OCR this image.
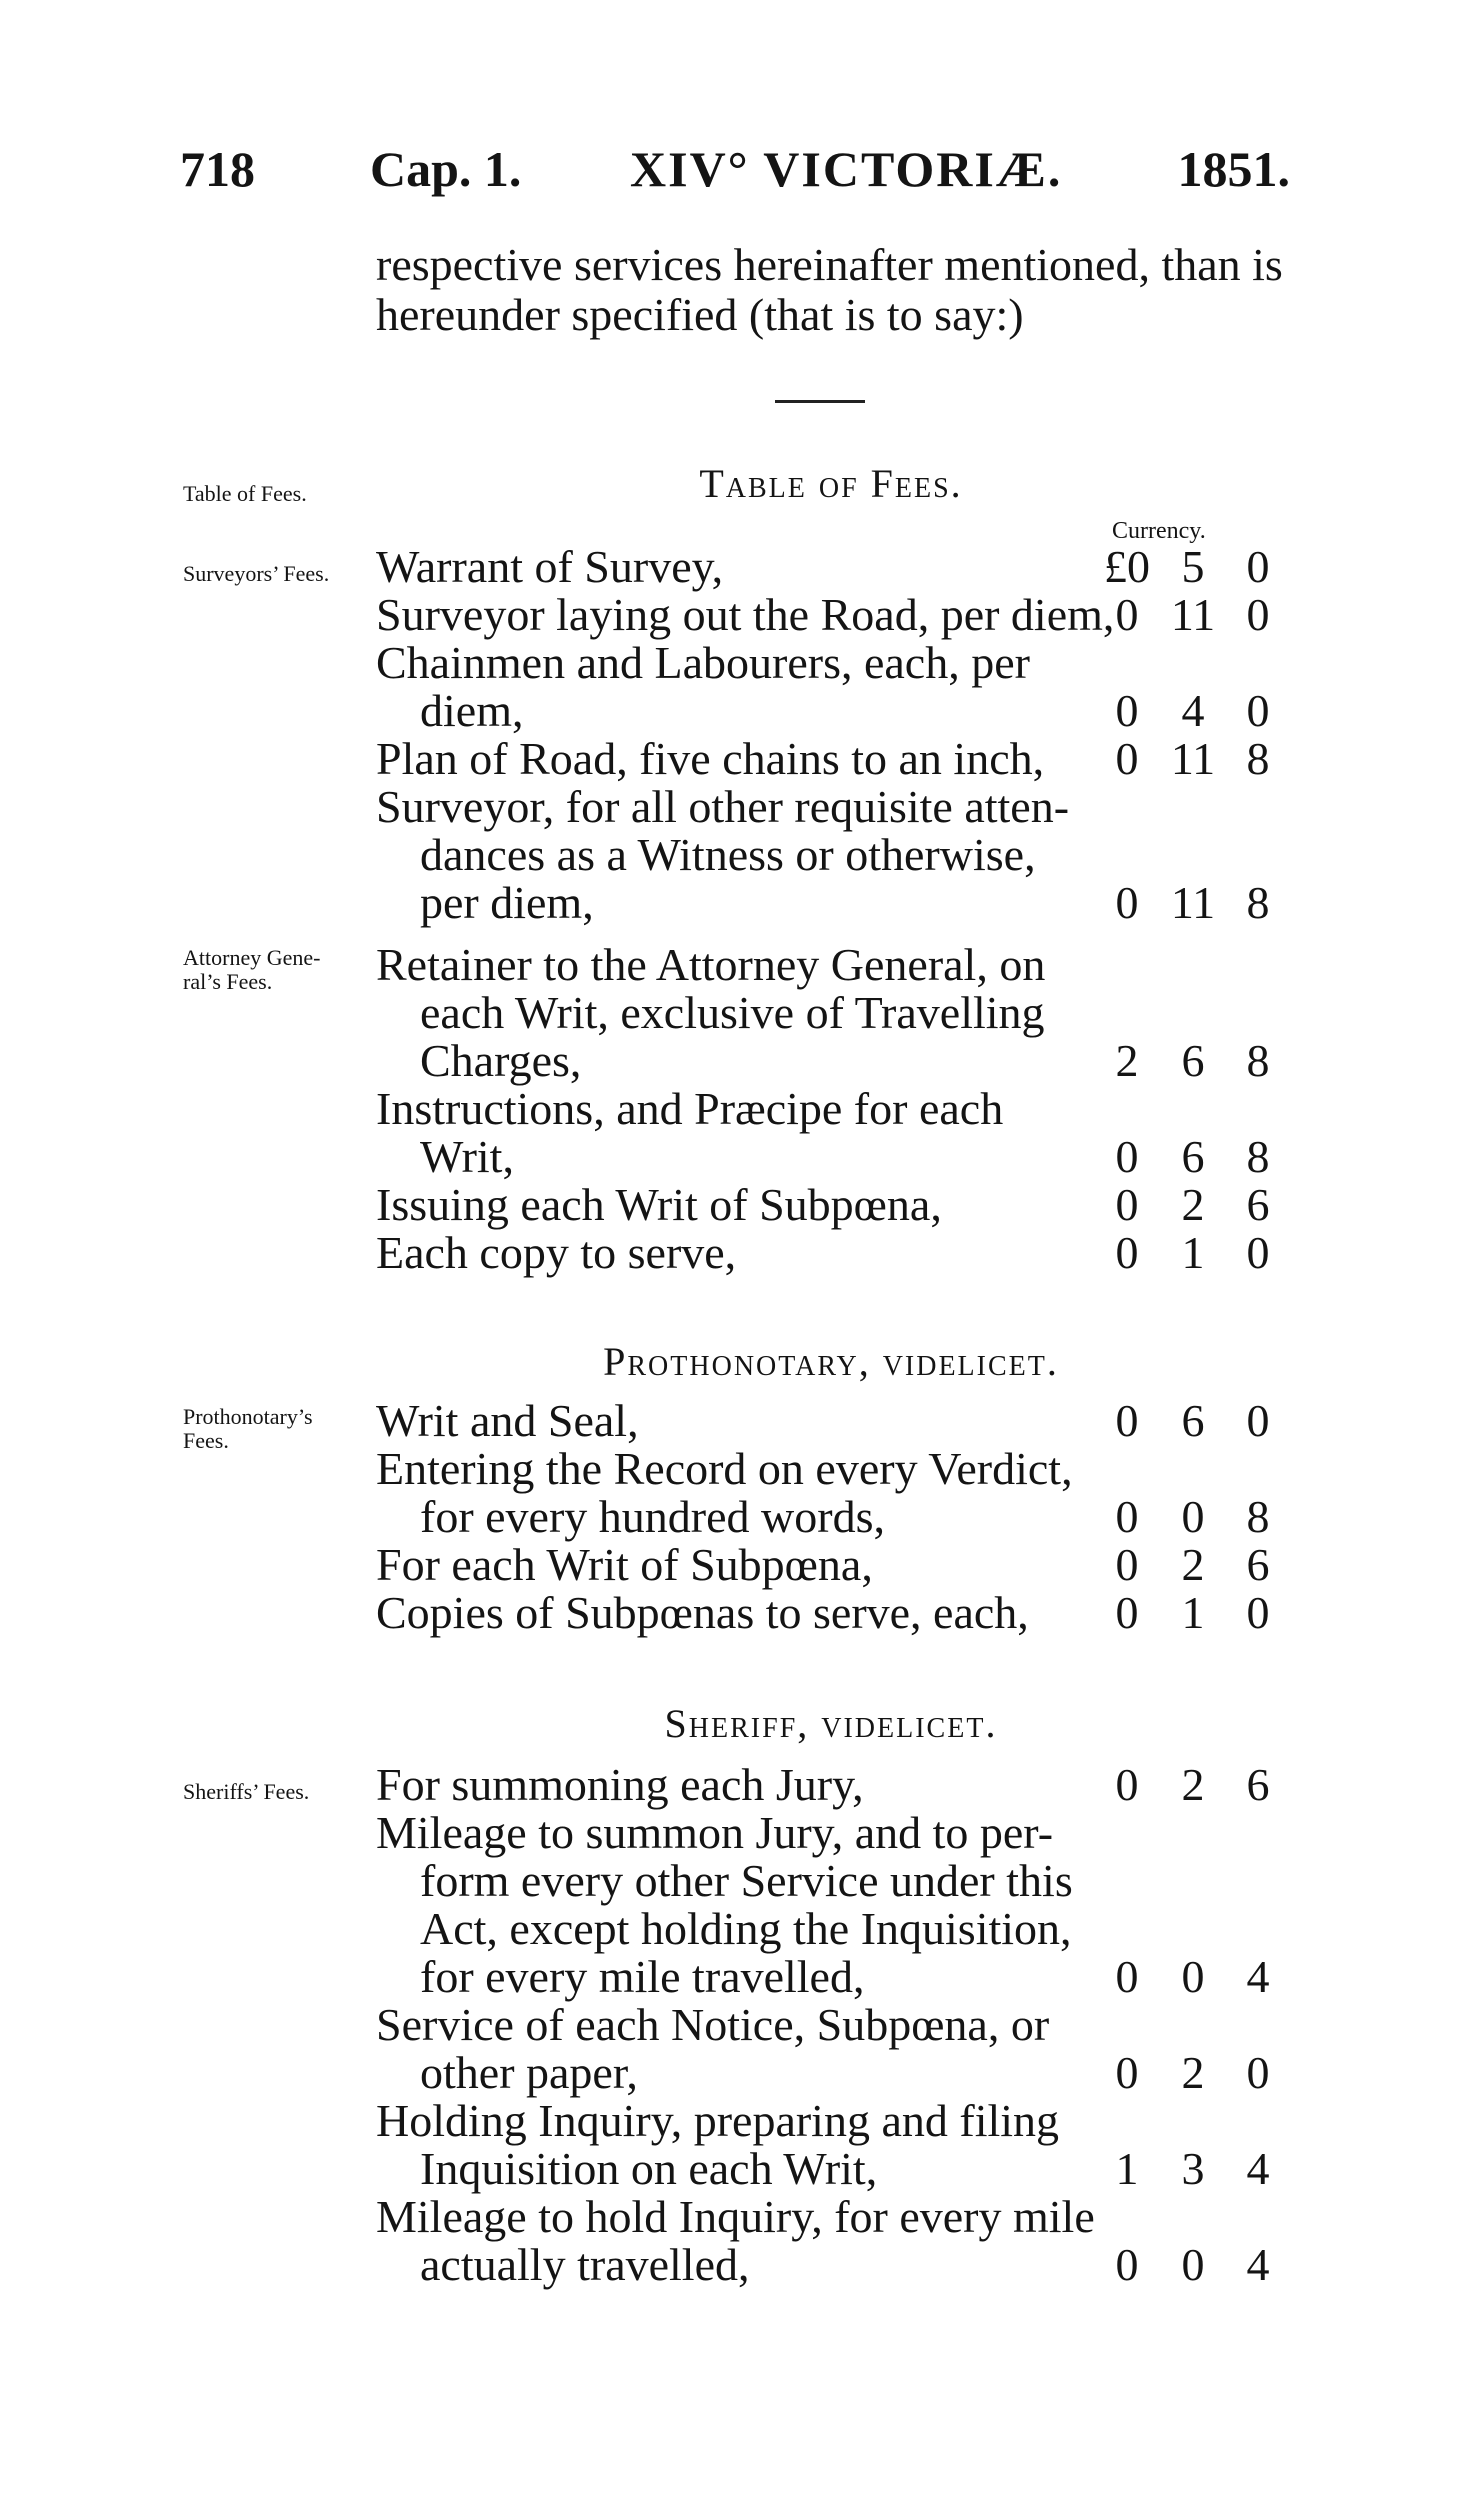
718 Cap. 1. XIV° VICTORIÆ. 1851.
respective services hereinafter mentioned, than is
hereunder specified (that is to say:)
Table of Fees.
Currency.
Table of Fees.
Surveyors’ Fees.
Attorney Gene-
ral’s Fees.
Prothonotary’s
Fees.
Sheriffs’ Fees.
Prothonotary, videlicet.
Sheriff, videlicet.
Warrant of Survey,	£0 5 0
Surveyor laying out the Road, per diem, 0 11 0
Chainmen and Labourers, each, per
diem,	0 4 0
Plan of Road, five chains to an inch,	0 11 8
Surveyor, for all other requisite atten-
dances as a Witness or otherwise,
per diem,	0 11 8
Retainer to the Attorney General, on
each Writ, exclusive of Travelling
Charges,	2 6 8
Instructions, and Præcipe for each
Writ,	0 6 8
Issuing each Writ of Subpœna,	0 2 6
Each copy to serve,	0 1 0
Writ and Seal,	0 6 0
Entering the Record on every Verdict,
for every hundred words,	0 0 8
For each Writ of Subpœna,	0 2 6
Copies of Subpœnas to serve, each,	0 1 0
For summoning each Jury,	0 2 6
Mileage to summon Jury, and to per-
form every other Service under this
Act, except holding the Inquisition,
for every mile travelled,	0 0 4
Service of each Notice, Subpœna, or
other paper,	0 2 0
Holding Inquiry, preparing and filing
Inquisition on each Writ,	1 3 4
Mileage to hold Inquiry, for every mile
actually travelled,	0 0 4
